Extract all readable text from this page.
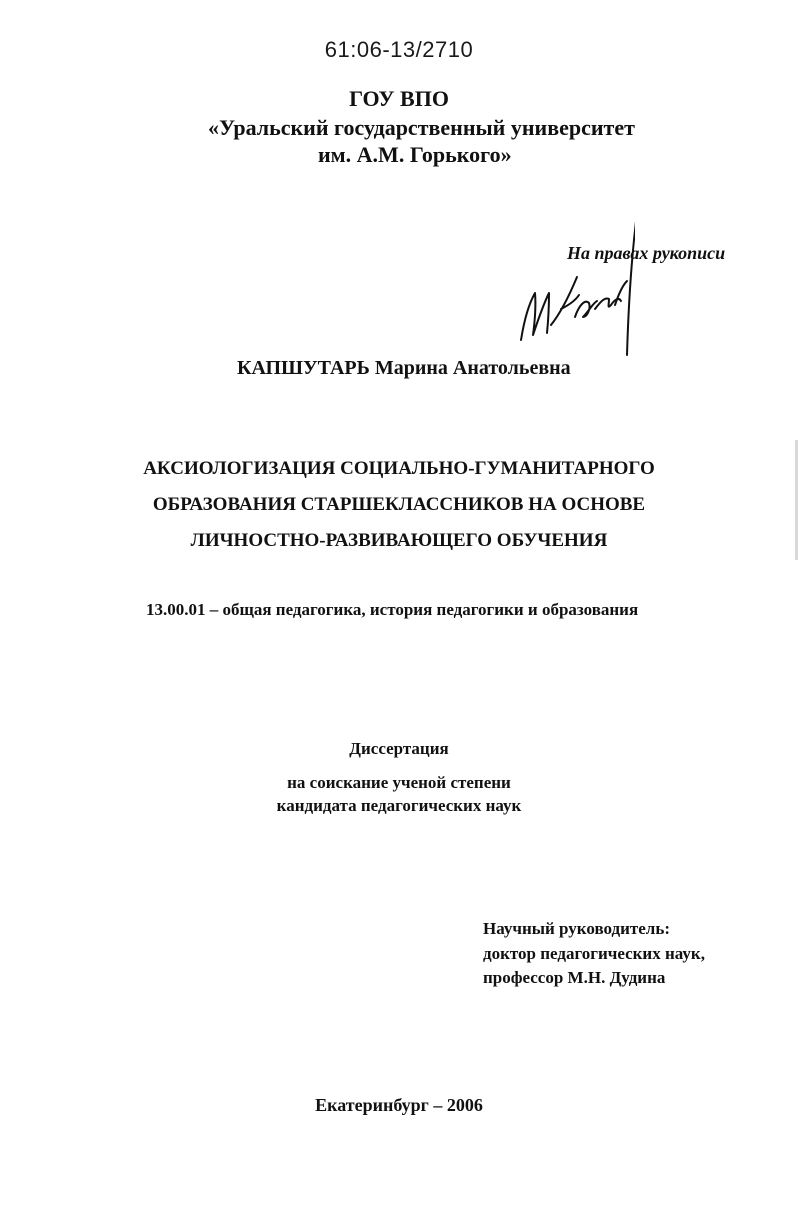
61:06-13/2710
ГОУ ВПО
«Уральский государственный университет
им. А.М. Горького»
На правах рукописи
КАПШУТАРЬ Марина Анатольевна
АКСИОЛОГИЗАЦИЯ СОЦИАЛЬНО-ГУМАНИТАРНОГО
ОБРАЗОВАНИЯ СТАРШЕКЛАССНИКОВ НА ОСНОВЕ
ЛИЧНОСТНО-РАЗВИВАЮЩЕГО ОБУЧЕНИЯ
13.00.01 – общая педагогика, история педагогики и образования
Диссертация
на соискание ученой степени
кандидата педагогических наук
Научный руководитель:
доктор педагогических наук,
профессор М.Н. Дудина
Екатеринбург – 2006
